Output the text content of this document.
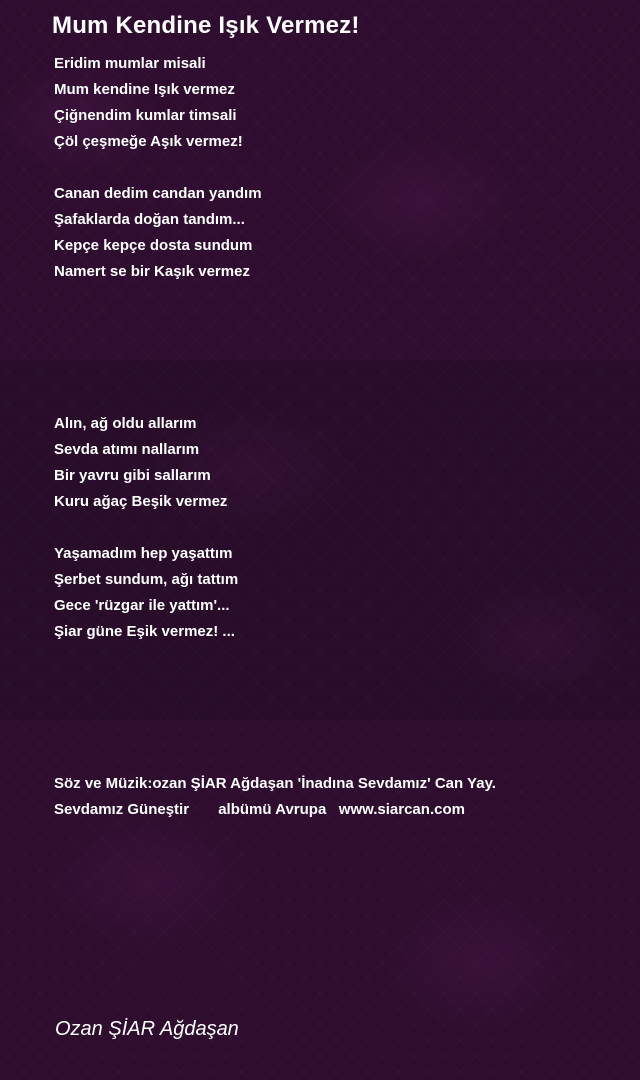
Mum Kendine Işık Vermez!
Eridim mumlar misali
Mum kendine Işık vermez
Çiğnendim kumlar timsali
Çöl çeşmeğe Aşık vermez!
Canan dedim candan yandım
Şafaklarda doğan tandım...
Kepçe kepçe dosta sundum
Namert se bir Kaşık vermez
Alın, ağ oldu allarım
Sevda atımı nallarım
Bir yavru gibi sallarım
Kuru ağaç Beşik vermez
Yaşamadım hep yaşattım
Şerbet sundum, ağı tattım
Gece 'rüzgar ile yattım'...
Şiar güne Eşik vermez! ...
Söz ve Müzik:ozan ŞİAR Ağdaşan 'İnadına Sevdamız' Can Yay.
Sevdamız Güneştir       albümü Avrupa   www.siarcan.com
Ozan ŞİAR Ağdaşan
